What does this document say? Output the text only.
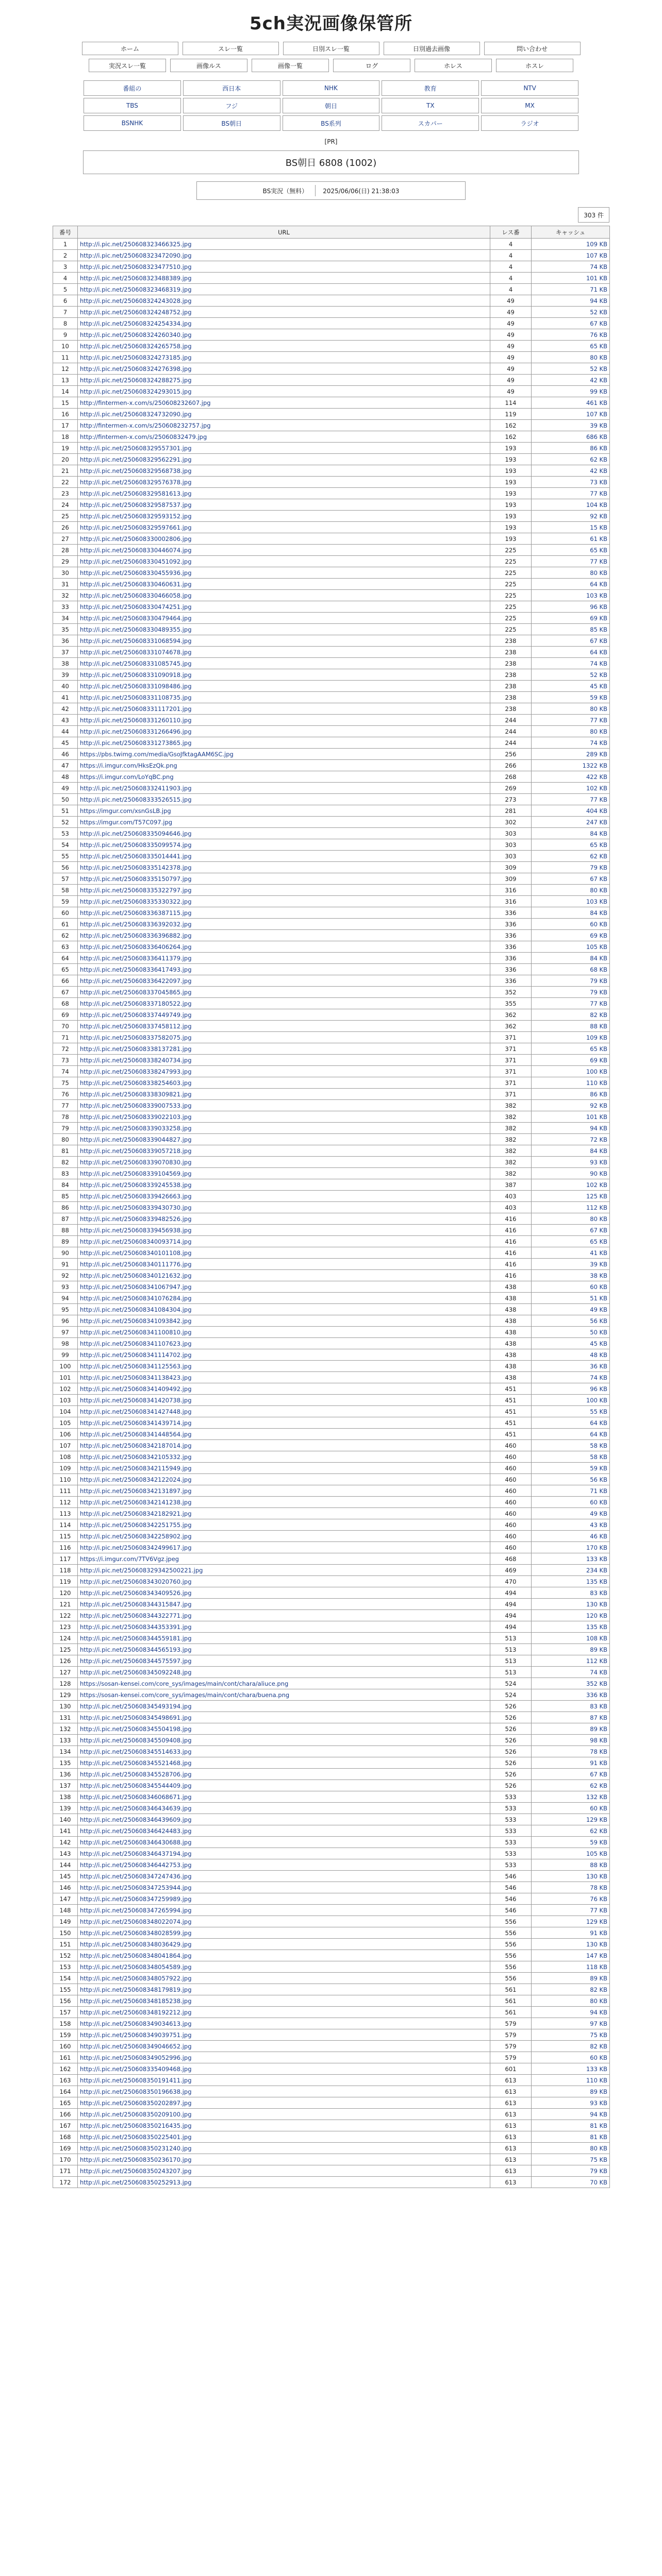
5ch実況画像保管所
ホーム	スレ一覧	日別スレ一覧	日別過去画像	問い合わせ
実況スレ一覧	画像ルス	画像一覧	ログ	ホレス	ホスレ
番組の	西日本	NHK	教育	NTV
TBS	フジ	朝日	TX	MX
BSNHK	BS朝日	BS系列	スカパー	ラジオ
[PR]
BS朝日 6808 (1002)
BS実況（無料） 2025/06/06(日) 21:38:03
303 件
番号	URL	レス番	キャッシュ
1	http://i.pic.net/250608323466325.jpg	4	109 KB
2	http://i.pic.net/250608323472090.jpg	4	107 KB
3	http://i.pic.net/250608323477510.jpg	4	74 KB
4	http://i.pic.net/250608323488389.jpg	4	101 KB
5	http://i.pic.net/250608323468319.jpg	4	71 KB
6	http://i.pic.net/250608324243028.jpg	49	94 KB
7	http://i.pic.net/250608324248752.jpg	49	52 KB
8	http://i.pic.net/250608324254334.jpg	49	67 KB
9	http://i.pic.net/250608324260340.jpg	49	76 KB
10	http://i.pic.net/250608324265758.jpg	49	65 KB
11	http://i.pic.net/250608324273185.jpg	49	80 KB
12	http://i.pic.net/250608324276398.jpg	49	52 KB
13	http://i.pic.net/250608324288275.jpg	49	42 KB
14	http://i.pic.net/250608324293015.jpg	49	99 KB
15	http://fintermen-x.com/s/250608232607.jpg	114	461 KB
16	http://i.pic.net/250608324732090.jpg	119	107 KB
17	http://fintermen-x.com/s/250608232757.jpg	162	39 KB
18	http://fintermen-x.com/s/25060832479.jpg	162	686 KB
19	http://i.pic.net/250608329557301.jpg	193	86 KB
20	http://i.pic.net/250608329562291.jpg	193	62 KB
21	http://i.pic.net/250608329568738.jpg	193	42 KB
22	http://i.pic.net/250608329576378.jpg	193	73 KB
23	http://i.pic.net/250608329581613.jpg	193	77 KB
24	http://i.pic.net/250608329587537.jpg	193	104 KB
25	http://i.pic.net/250608329593152.jpg	193	92 KB
26	http://i.pic.net/250608329597661.jpg	193	15 KB
27	http://i.pic.net/250608330002806.jpg	193	61 KB
28	http://i.pic.net/250608330446074.jpg	225	65 KB
29	http://i.pic.net/250608330451092.jpg	225	77 KB
30	http://i.pic.net/250608330455936.jpg	225	80 KB
31	http://i.pic.net/250608330460631.jpg	225	64 KB
32	http://i.pic.net/250608330466058.jpg	225	103 KB
33	http://i.pic.net/250608330474251.jpg	225	96 KB
34	http://i.pic.net/250608330479464.jpg	225	69 KB
35	http://i.pic.net/250608330489355.jpg	225	85 KB
36	http://i.pic.net/250608331068594.jpg	238	67 KB
37	http://i.pic.net/250608331074678.jpg	238	64 KB
38	http://i.pic.net/250608331085745.jpg	238	74 KB
39	http://i.pic.net/250608331090918.jpg	238	52 KB
40	http://i.pic.net/250608331098486.jpg	238	45 KB
41	http://i.pic.net/250608331108735.jpg	238	59 KB
42	http://i.pic.net/250608331117201.jpg	238	80 KB
43	http://i.pic.net/250608331260110.jpg	244	77 KB
44	http://i.pic.net/250608331266496.jpg	244	80 KB
45	http://i.pic.net/250608331273865.jpg	244	74 KB
46	https://pbs.twimg.com/media/GsoJfktagAAM6SC.jpg	256	289 KB
47	https://i.imgur.com/HksEzQk.png	266	1322 KB
48	https://i.imgur.com/LoYqBC.png	268	422 KB
49	http://i.pic.net/250608332411903.jpg	269	102 KB
50	http://i.pic.net/250608333526515.jpg	273	77 KB
51	https://imgur.com/xsnGsLB.jpg	281	404 KB
52	https://imgur.com/T57C097.jpg	302	247 KB
53	http://i.pic.net/250608335094646.jpg	303	84 KB
54	http://i.pic.net/250608335099574.jpg	303	65 KB
55	http://i.pic.net/250608335014441.jpg	303	62 KB
56	http://i.pic.net/250608335142378.jpg	309	79 KB
57	http://i.pic.net/250608335150797.jpg	309	67 KB
58	http://i.pic.net/250608335322797.jpg	316	80 KB
59	http://i.pic.net/250608335330322.jpg	316	103 KB
60	http://i.pic.net/250608336387115.jpg	336	84 KB
61	http://i.pic.net/250608336392032.jpg	336	60 KB
62	http://i.pic.net/250608336396882.jpg	336	69 KB
63	http://i.pic.net/250608336406264.jpg	336	105 KB
64	http://i.pic.net/250608336411379.jpg	336	84 KB
65	http://i.pic.net/250608336417493.jpg	336	68 KB
66	http://i.pic.net/250608336422097.jpg	336	79 KB
67	http://i.pic.net/250608337045865.jpg	352	79 KB
68	http://i.pic.net/250608337180522.jpg	355	77 KB
69	http://i.pic.net/250608337449749.jpg	362	82 KB
70	http://i.pic.net/250608337458112.jpg	362	88 KB
71	http://i.pic.net/250608337582075.jpg	371	109 KB
72	http://i.pic.net/250608338137281.jpg	371	65 KB
73	http://i.pic.net/250608338240734.jpg	371	69 KB
74	http://i.pic.net/250608338247993.jpg	371	100 KB
75	http://i.pic.net/250608338254603.jpg	371	110 KB
76	http://i.pic.net/250608338309821.jpg	371	86 KB
77	http://i.pic.net/250608339007533.jpg	382	92 KB
78	http://i.pic.net/250608339022103.jpg	382	101 KB
79	http://i.pic.net/250608339033258.jpg	382	94 KB
80	http://i.pic.net/250608339044827.jpg	382	72 KB
81	http://i.pic.net/250608339057218.jpg	382	84 KB
82	http://i.pic.net/250608339070830.jpg	382	93 KB
83	http://i.pic.net/250608339104569.jpg	382	90 KB
84	http://i.pic.net/250608339245538.jpg	387	102 KB
85	http://i.pic.net/250608339426663.jpg	403	125 KB
86	http://i.pic.net/250608339430730.jpg	403	112 KB
87	http://i.pic.net/250608339482526.jpg	416	80 KB
88	http://i.pic.net/250608339456938.jpg	416	67 KB
89	http://i.pic.net/250608340093714.jpg	416	65 KB
90	http://i.pic.net/250608340101108.jpg	416	41 KB
91	http://i.pic.net/250608340111776.jpg	416	39 KB
92	http://i.pic.net/250608340121632.jpg	416	38 KB
93	http://i.pic.net/250608341067947.jpg	438	60 KB
94	http://i.pic.net/250608341076284.jpg	438	51 KB
95	http://i.pic.net/250608341084304.jpg	438	49 KB
96	http://i.pic.net/250608341093842.jpg	438	56 KB
97	http://i.pic.net/250608341100810.jpg	438	50 KB
98	http://i.pic.net/250608341107623.jpg	438	45 KB
99	http://i.pic.net/250608341114702.jpg	438	48 KB
100	http://i.pic.net/250608341125563.jpg	438	36 KB
101	http://i.pic.net/250608341138423.jpg	438	74 KB
102	http://i.pic.net/250608341409492.jpg	451	96 KB
103	http://i.pic.net/250608341420738.jpg	451	100 KB
104	http://i.pic.net/250608341427448.jpg	451	55 KB
105	http://i.pic.net/250608341439714.jpg	451	64 KB
106	http://i.pic.net/250608341448564.jpg	451	64 KB
107	http://i.pic.net/250608342187014.jpg	460	58 KB
108	http://i.pic.net/250608342105332.jpg	460	58 KB
109	http://i.pic.net/250608342115949.jpg	460	59 KB
110	http://i.pic.net/250608342122024.jpg	460	56 KB
111	http://i.pic.net/250608342131897.jpg	460	71 KB
112	http://i.pic.net/250608342141238.jpg	460	60 KB
113	http://i.pic.net/250608342182921.jpg	460	49 KB
114	http://i.pic.net/250608342251755.jpg	460	43 KB
115	http://i.pic.net/250608342258902.jpg	460	46 KB
116	http://i.pic.net/250608342499617.jpg	460	170 KB
117	https://i.imgur.com/7TV6Vgz.jpeg	468	133 KB
118	http://i.pic.net/250608329342500221.jpg	469	234 KB
119	http://i.pic.net/250608343020760.jpg	470	135 KB
120	http://i.pic.net/250608343409526.jpg	494	83 KB
121	http://i.pic.net/250608344315847.jpg	494	130 KB
122	http://i.pic.net/250608344322771.jpg	494	120 KB
123	http://i.pic.net/250608344353391.jpg	494	135 KB
124	http://i.pic.net/250608344559181.jpg	513	108 KB
125	http://i.pic.net/250608344565193.jpg	513	89 KB
126	http://i.pic.net/250608344575597.jpg	513	112 KB
127	http://i.pic.net/250608345092248.jpg	513	74 KB
128	https://sosan-kensei.com/core_sys/images/main/cont/chara/aliuce.png	524	352 KB
129	https://sosan-kensei.com/core_sys/images/main/cont/chara/buena.png	524	336 KB
130	http://i.pic.net/250608345493194.jpg	526	83 KB
131	http://i.pic.net/250608345498691.jpg	526	87 KB
132	http://i.pic.net/250608345504198.jpg	526	89 KB
133	http://i.pic.net/250608345509408.jpg	526	98 KB
134	http://i.pic.net/250608345514633.jpg	526	78 KB
135	http://i.pic.net/250608345521468.jpg	526	91 KB
136	http://i.pic.net/250608345528706.jpg	526	67 KB
137	http://i.pic.net/250608345544409.jpg	526	62 KB
138	http://i.pic.net/250608346068671.jpg	533	132 KB
139	http://i.pic.net/250608346434639.jpg	533	60 KB
140	http://i.pic.net/250608346439609.jpg	533	129 KB
141	http://i.pic.net/250608346424483.jpg	533	62 KB
142	http://i.pic.net/250608346430688.jpg	533	59 KB
143	http://i.pic.net/250608346437194.jpg	533	105 KB
144	http://i.pic.net/250608346442753.jpg	533	88 KB
145	http://i.pic.net/250608347247436.jpg	546	130 KB
146	http://i.pic.net/250608347253944.jpg	546	78 KB
147	http://i.pic.net/250608347259989.jpg	546	76 KB
148	http://i.pic.net/250608347265994.jpg	546	77 KB
149	http://i.pic.net/250608348022074.jpg	556	129 KB
150	http://i.pic.net/250608348028599.jpg	556	91 KB
151	http://i.pic.net/250608348036429.jpg	556	130 KB
152	http://i.pic.net/250608348041864.jpg	556	147 KB
153	http://i.pic.net/250608348054589.jpg	556	118 KB
154	http://i.pic.net/250608348057922.jpg	556	89 KB
155	http://i.pic.net/250608348179819.jpg	561	82 KB
156	http://i.pic.net/250608348185238.jpg	561	80 KB
157	http://i.pic.net/250608348192212.jpg	561	94 KB
158	http://i.pic.net/250608349034613.jpg	579	97 KB
159	http://i.pic.net/250608349039751.jpg	579	75 KB
160	http://i.pic.net/250608349046652.jpg	579	82 KB
161	http://i.pic.net/250608349052996.jpg	579	60 KB
162	http://i.pic.net/250608335409468.jpg	601	133 KB
163	http://i.pic.net/250608350191411.jpg	613	110 KB
164	http://i.pic.net/250608350196638.jpg	613	89 KB
165	http://i.pic.net/250608350202897.jpg	613	93 KB
166	http://i.pic.net/250608350209100.jpg	613	94 KB
167	http://i.pic.net/250608350216435.jpg	613	81 KB
168	http://i.pic.net/250608350225401.jpg	613	81 KB
169	http://i.pic.net/250608350231240.jpg	613	80 KB
170	http://i.pic.net/250608350236170.jpg	613	75 KB
171	http://i.pic.net/250608350243207.jpg	613	79 KB
172	http://i.pic.net/250608350252913.jpg	613	70 KB
